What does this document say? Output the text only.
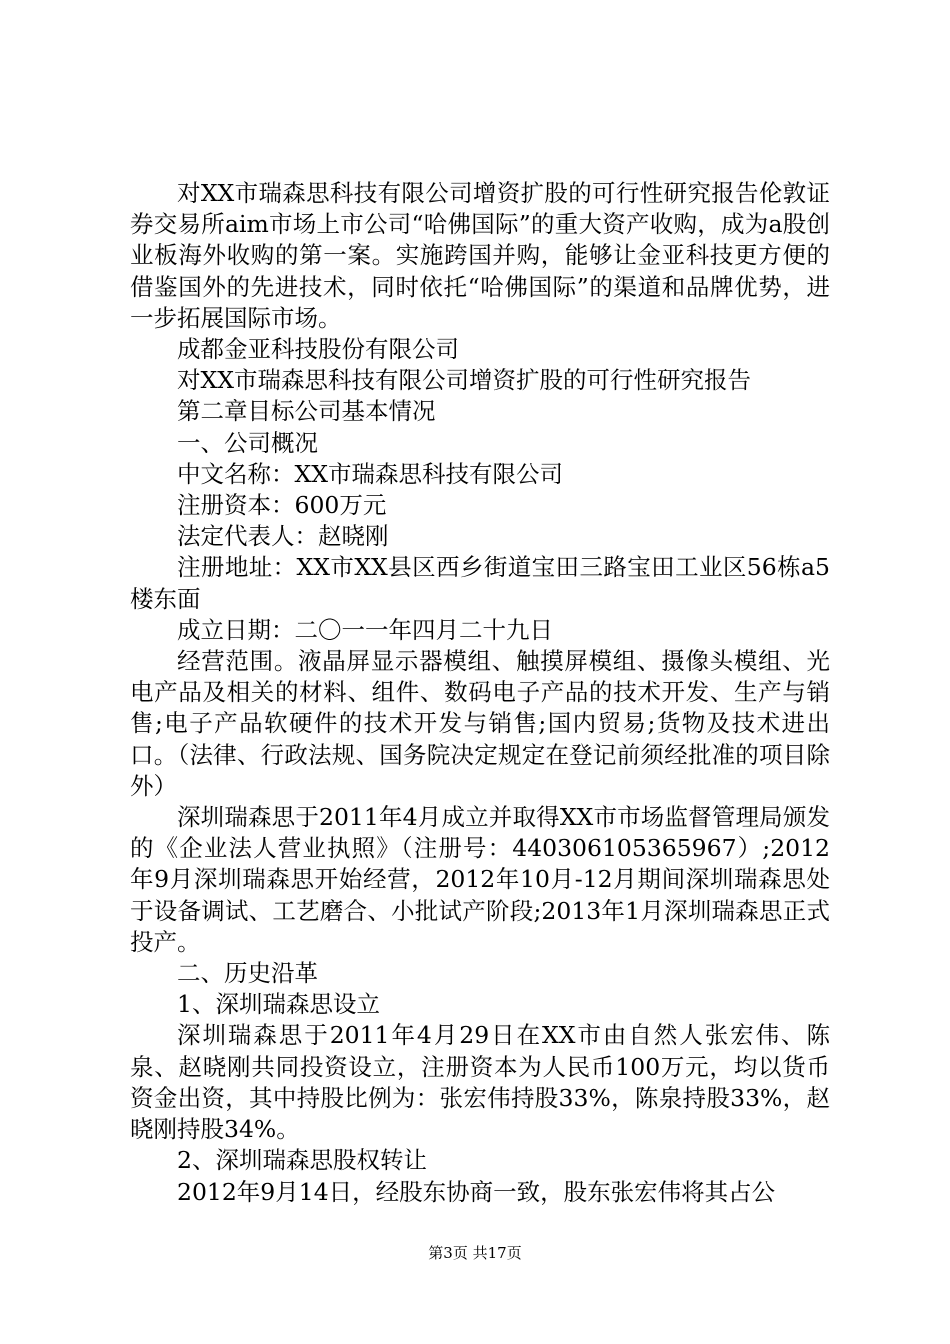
对XX市瑞森思科技有限公司增资扩股的可行性研究报告伦敦证券交易所aim市场上市公司“哈佛国际”的重大资产收购，成为a股创业板海外收购的第一案。实施跨国并购，能够让金亚科技更方便的借鉴国外的先进技术，同时依托“哈佛国际”的渠道和品牌优势，进一步拓展国际市场。

成都金亚科技股份有限公司

对XX市瑞森思科技有限公司增资扩股的可行性研究报告

第二章目标公司基本情况

一、公司概况

中文名称：XX市瑞森思科技有限公司

注册资本：600万元

法定代表人：赵晓刚

注册地址：XX市XX县区西乡街道宝田三路宝田工业区56栋a5楼东面

成立日期：二〇一一年四月二十九日

经营范围。液晶屏显示器模组、触摸屏模组、摄像头模组、光电产品及相关的材料、组件、数码电子产品的技术开发、生产与销售;电子产品软硬件的技术开发与销售;国内贸易;货物及技术进出口。（法律、行政法规、国务院决定规定在登记前须经批准的项目除外）

深圳瑞森思于2011年4月成立并取得XX市市场监督管理局颁发的《企业法人营业执照》（注册号：440306105365967）;2012年9月深圳瑞森思开始经营，2012年10月-12月期间深圳瑞森思处于设备调试、工艺磨合、小批试产阶段;2013年1月深圳瑞森思正式投产。

二、历史沿革

1、深圳瑞森思设立

深圳瑞森思于2011年4月29日在XX市由自然人张宏伟、陈泉、赵晓刚共同投资设立，注册资本为人民币100万元，均以货币资金出资，其中持股比例为：张宏伟持股33%，陈泉持股33%，赵晓刚持股34%。

2、深圳瑞森思股权转让

2012年9月14日，经股东协商一致，股东张宏伟将其占公

第3页 共17页
